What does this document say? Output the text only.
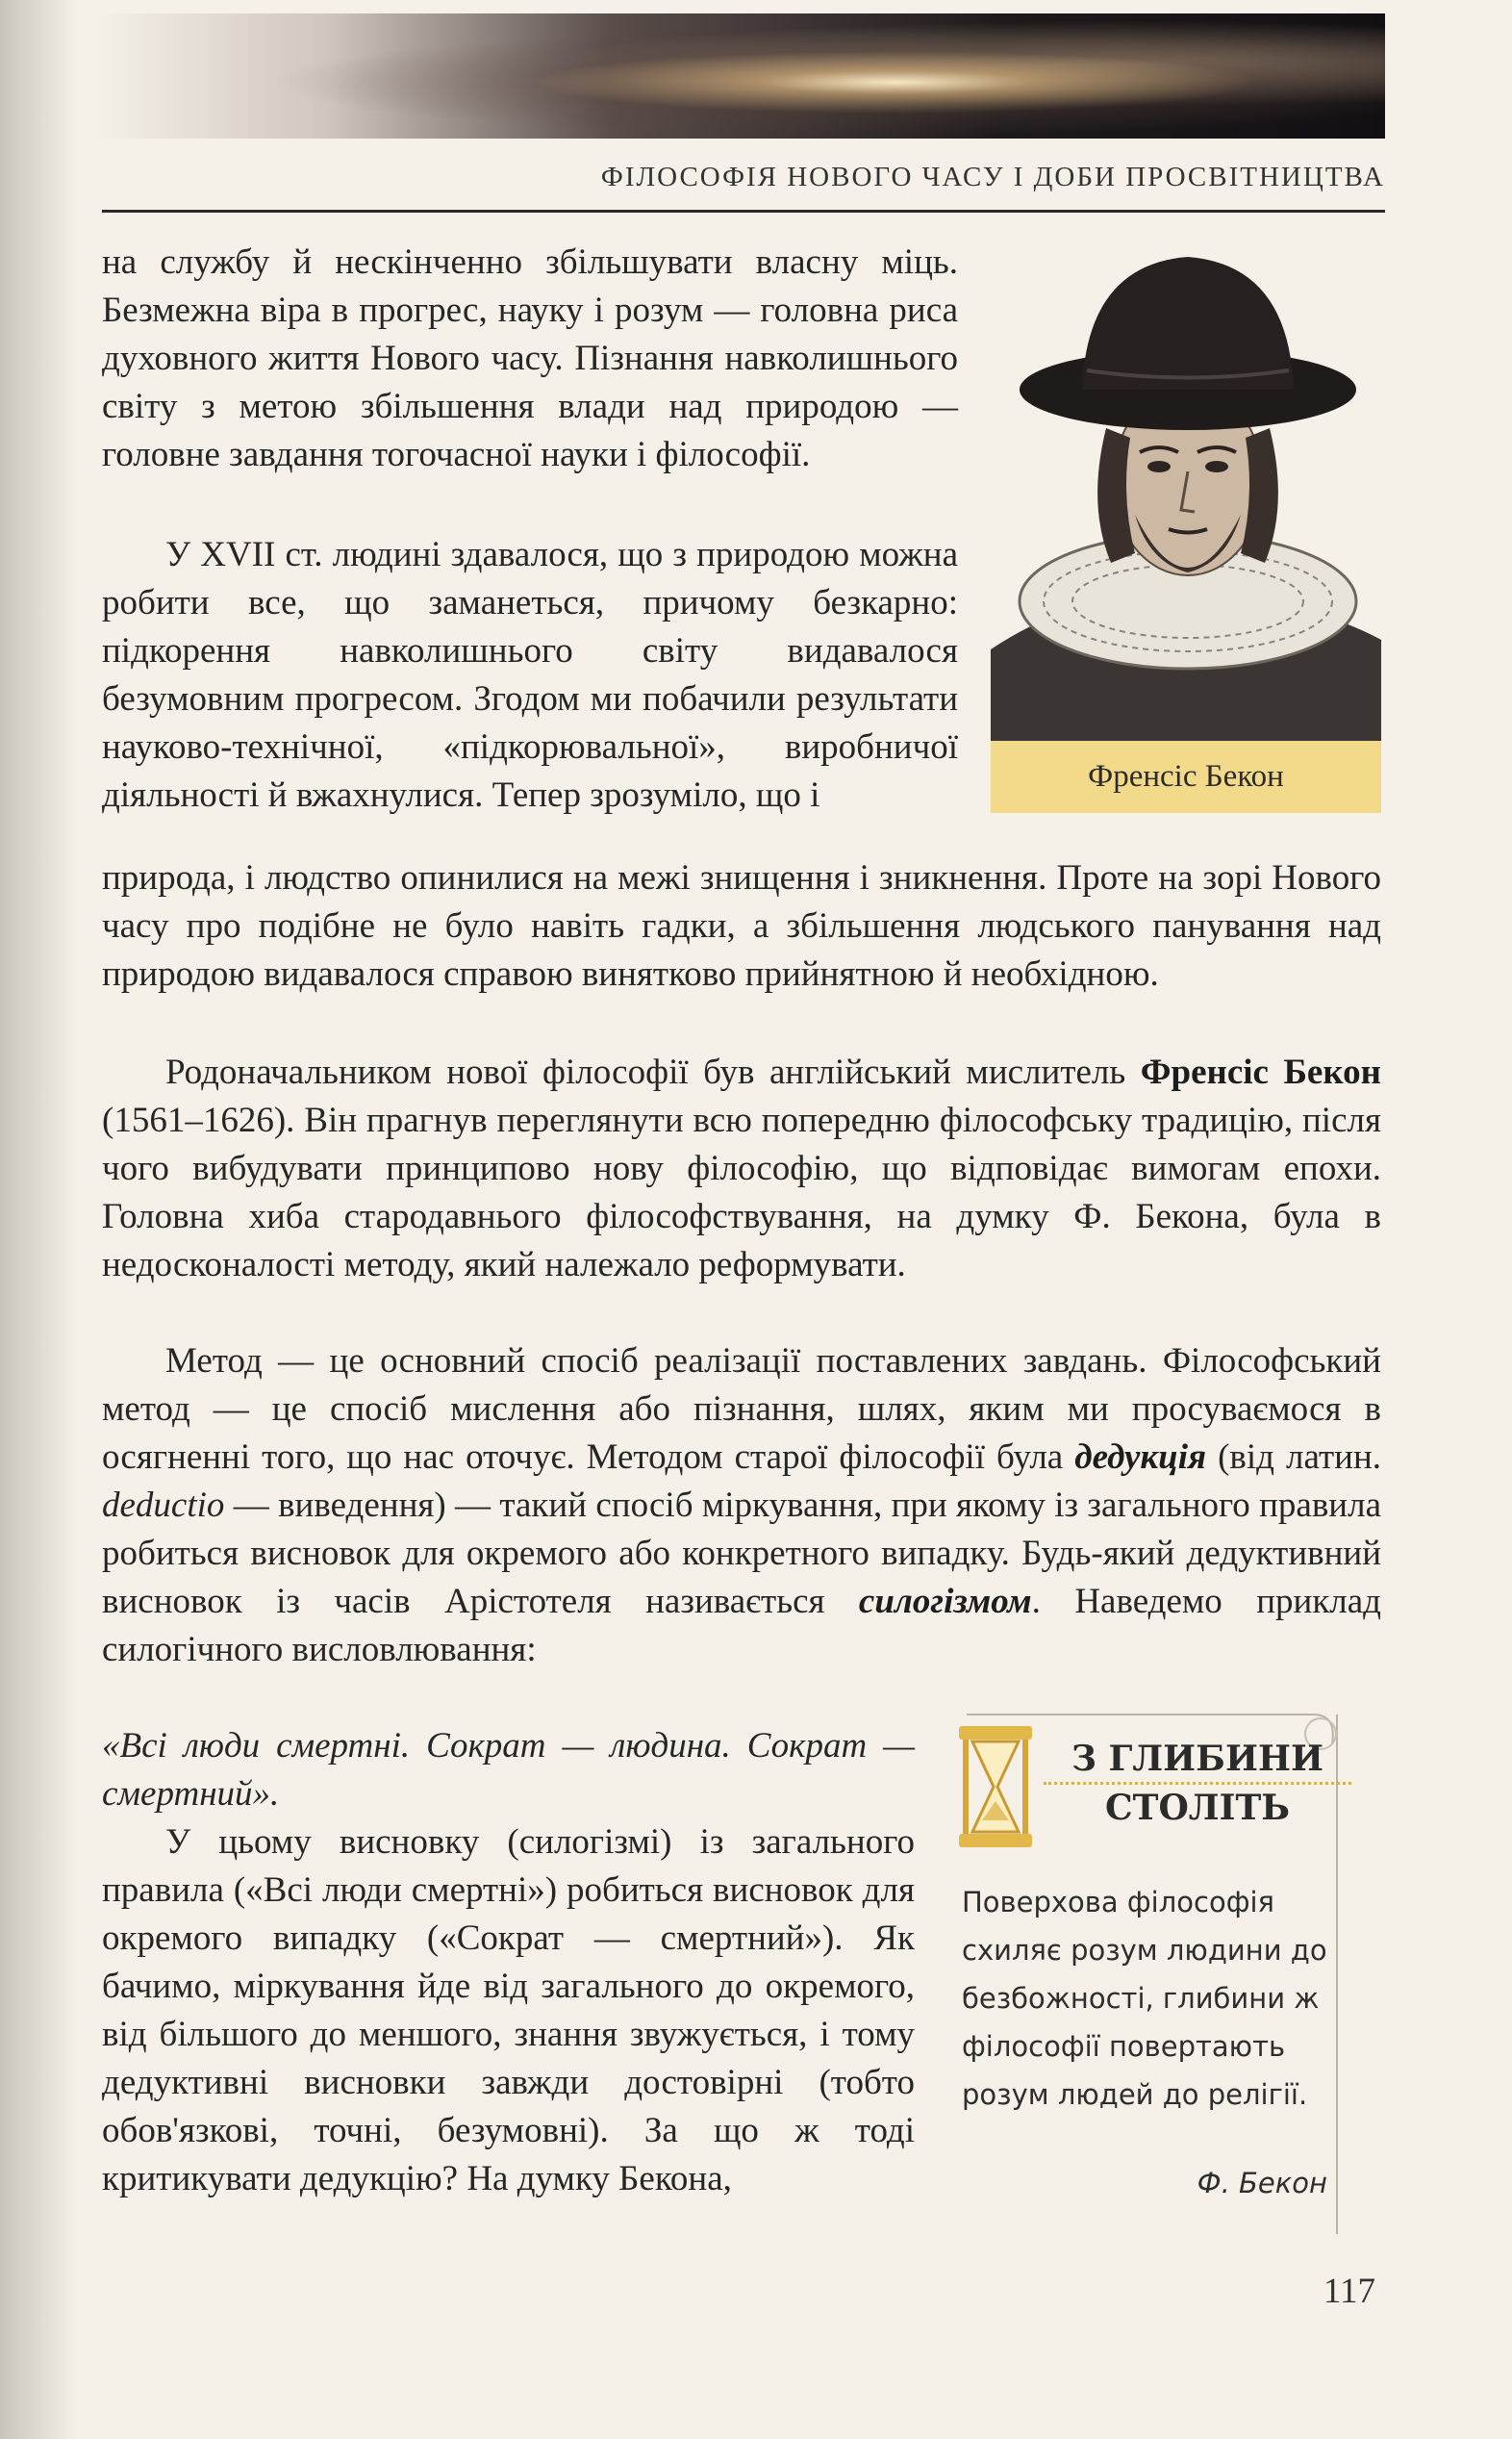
ФІЛОСОФІЯ НОВОГО ЧАСУ І ДОБИ ПРОСВІТНИЦТВА

на службу й нескінченно збільшувати власну міць. Безмежна віра в прогрес, науку і розум — головна риса духовного життя Нового часу. Пізнання навколишнього світу з метою збільшення влади над природою — головне завдання тогочасної науки і філософії.

У XVII ст. людині здавалося, що з природою можна робити все, що заманеться, причому безкарно: підкорення навколишнього світу видавалося безумовним прогресом. Згодом ми побачили результати науково-технічної, «підкорювальної», виробничої діяльності й вжахнулися. Тепер зрозуміло, що і

природа, і людство опинилися на межі знищення і зникнення. Проте на зорі Нового часу про подібне не було навіть гадки, а збільшення людського панування над природою видавалося справою винятково прийнятною й необхідною.

Френсіс Бекон

Родоначальником нової філософії був англійський мислитель Френсіс Бекон (1561–1626). Він прагнув переглянути всю попередню філософську традицію, після чого вибудувати принципово нову філософію, що відповідає вимогам епохи. Головна хиба стародавнього філософствування, на думку Ф. Бекона, була в недосконалості методу, який належало реформувати.

Метод — це основний спосіб реалізації поставлених завдань. Філософський метод — це спосіб мислення або пізнання, шлях, яким ми просуваємося в осягненні того, що нас оточує. Методом старої філософії була дедукція (від латин. deductio — виведення) — такий спосіб міркування, при якому із загального правила робиться висновок для окремого або конкретного випадку. Будь-який дедуктивний висновок із часів Арістотеля називається силогізмом. Наведемо приклад силогічного висловлювання:

«Всі люди смертні. Сократ — людина. Сократ — смертний».

У цьому висновку (силогізмі) із загального правила («Всі люди смертні») робиться висновок для окремого випадку («Сократ — смертний»). Як бачимо, міркування йде від загального до окремого, від більшого до меншого, знання звужується, і тому дедуктивні висновки завжди достовірні (тобто обов'язкові, точні, безумовні). За що ж тоді критикувати дедукцію? На думку Бекона,

З ГЛИБИНИ
СТОЛІТЬ
Поверхова філософія схиляє розум людини до безбожності, глибини ж філософії повертають розум людей до релігії.
Ф. Бекон
117
